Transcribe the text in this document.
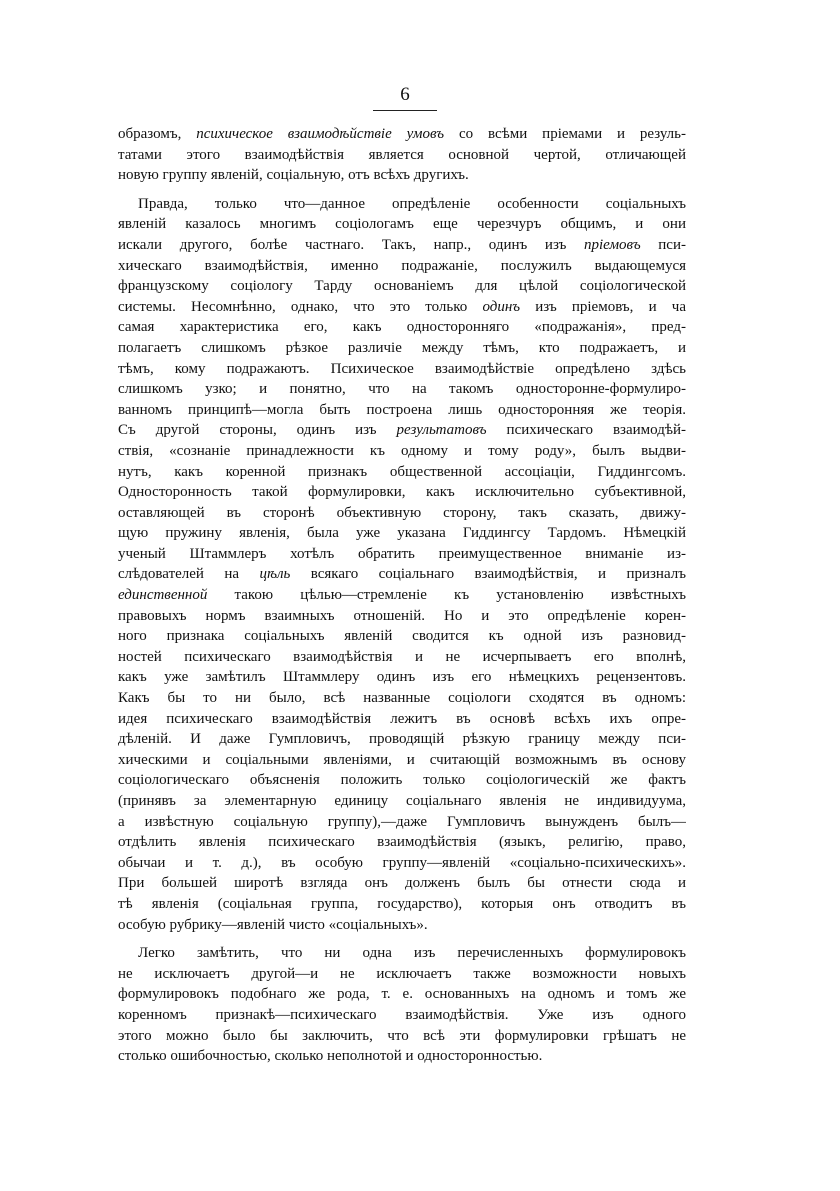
6
образомъ, психическое взаимодѣйствіе умовъ со всѣми пріемами и резуль-
татами этого взаимодѣйствія является основной чертой, отличающей
новую группу явленій, соціальную, отъ всѣхъ другихъ.
Правда, только что—данное опредѣленіе особенности соціальныхъ
явленій казалось многимъ соціологамъ еще черезчуръ общимъ, и они
искали другого, болѣе частнаго. Такъ, напр., одинъ изъ пріемовъ пси-
хическаго взаимодѣйствія, именно подражаніе, послужилъ выдающемуся
французскому соціологу Тарду основаніемъ для цѣлой соціологической
системы. Несомнѣнно, однако, что это только одинъ изъ пріемовъ, и ча
самая характеристика его, какъ односторонняго «подражанія», пред-
полагаетъ слишкомъ рѣзкое различіе между тѣмъ, кто подражаетъ, и
тѣмъ, кому подражаютъ. Психическое взаимодѣйствіе опредѣлено здѣсь
слишкомъ узко; и понятно, что на такомъ односторонне-формулиро-
ванномъ принципѣ—могла быть построена лишь односторонняя же теорія.
Съ другой стороны, одинъ изъ результатовъ психическаго взаимодѣй-
ствія, «сознаніе принадлежности къ одному и тому роду», былъ выдви-
нутъ, какъ коренной признакъ общественной ассоціаціи, Гиддингсомъ.
Односторонность такой формулировки, какъ исключительно субъективной,
оставляющей въ сторонѣ объективную сторону, такъ сказать, движу-
щую пружину явленія, была уже указана Гиддингсу Тардомъ. Нѣмецкій
ученый Штаммлеръ хотѣлъ обратить преимущественное вниманіе из-
слѣдователей на цѣль всякаго соціальнаго взаимодѣйствія, и призналъ
единственной такою цѣлью—стремленіе къ установленію извѣстныхъ
правовыхъ нормъ взаимныхъ отношеній. Но и это опредѣленіе корен-
ного признака соціальныхъ явленій сводится къ одной изъ разновид-
ностей психическаго взаимодѣйствія и не исчерпываетъ его вполнѣ,
какъ уже замѣтилъ Штаммлеру одинъ изъ его нѣмецкихъ рецензентовъ.
Какъ бы то ни было, всѣ названные соціологи сходятся въ одномъ:
идея психическаго взаимодѣйствія лежитъ въ основѣ всѣхъ ихъ опре-
дѣленій. И даже Гумпловичъ, проводящій рѣзкую границу между пси-
хическими и соціальными явленіями, и считающій возможнымъ въ основу
соціологическаго объясненія положить только соціологическій же фактъ
(принявъ за элементарную единицу соціальнаго явленія не индивидуума,
а извѣстную соціальную группу),—даже Гумпловичъ вынужденъ былъ—
отдѣлить явленія психическаго взаимодѣйствія (языкъ, религію, право,
обычаи и т. д.), въ особую группу—явленій «соціально-психическихъ».
При большей широтѣ взгляда онъ долженъ былъ бы отнести сюда и
тѣ явленія (соціальная группа, государство), которыя онъ отводитъ въ
особую рубрику—явленій чисто «соціальныхъ».
Легко замѣтить, что ни одна изъ перечисленныхъ формулировокъ
не исключаетъ другой—и не исключаетъ также возможности новыхъ
формулировокъ подобнаго же рода, т. е. основанныхъ на одномъ и томъ же
коренномъ признакѣ—психическаго взаимодѣйствія. Уже изъ одного
этого можно было бы заключить, что всѣ эти формулировки грѣшатъ не
столько ошибочностью, сколько неполнотой и односторонностью.
